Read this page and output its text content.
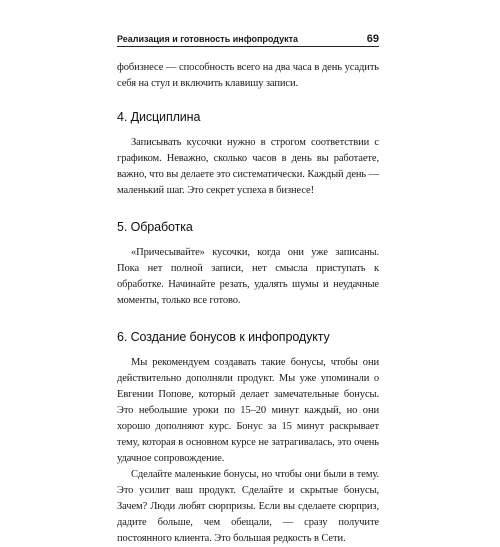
Реализация и готовность инфопродукта	69

фобизнесе — способность всего на два часа в день усадить себя на стул и включить клавишу записи.

4. Дисциплина

Записывать кусочки нужно в строгом соответствии с графиком. Неважно, сколько часов в день вы работаете, важно, что вы делаете это систематически. Каждый день — маленький шаг. Это секрет успеха в бизнесе!

5. Обработка

«Причесывайте» кусочки, когда они уже записаны. Пока нет полной записи, нет смысла приступать к обработке. Начинайте резать, удалять шумы и неудачные моменты, только все готово.

6. Создание бонусов к инфопродукту

Мы рекомендуем создавать такие бонусы, чтобы они действительно дополняли продукт. Мы уже упоминали о Евгении Попове, который делает замечательные бонусы. Это небольшие уроки по 15–20 минут каждый, но они хорошо дополняют курс. Бонус за 15 минут раскрывает тему, которая в основном курсе не затрагивалась, это очень удачное сопровождение.

Сделайте маленькие бонусы, но чтобы они были в тему. Это усилит ваш продукт. Сделайте и скрытые бонусы, Зачем? Люди любят сюрпризы. Если вы сделаете сюрприз, дадите больше, чем обещали, — сразу получите постоянного клиента. Это большая редкость в Сети.
